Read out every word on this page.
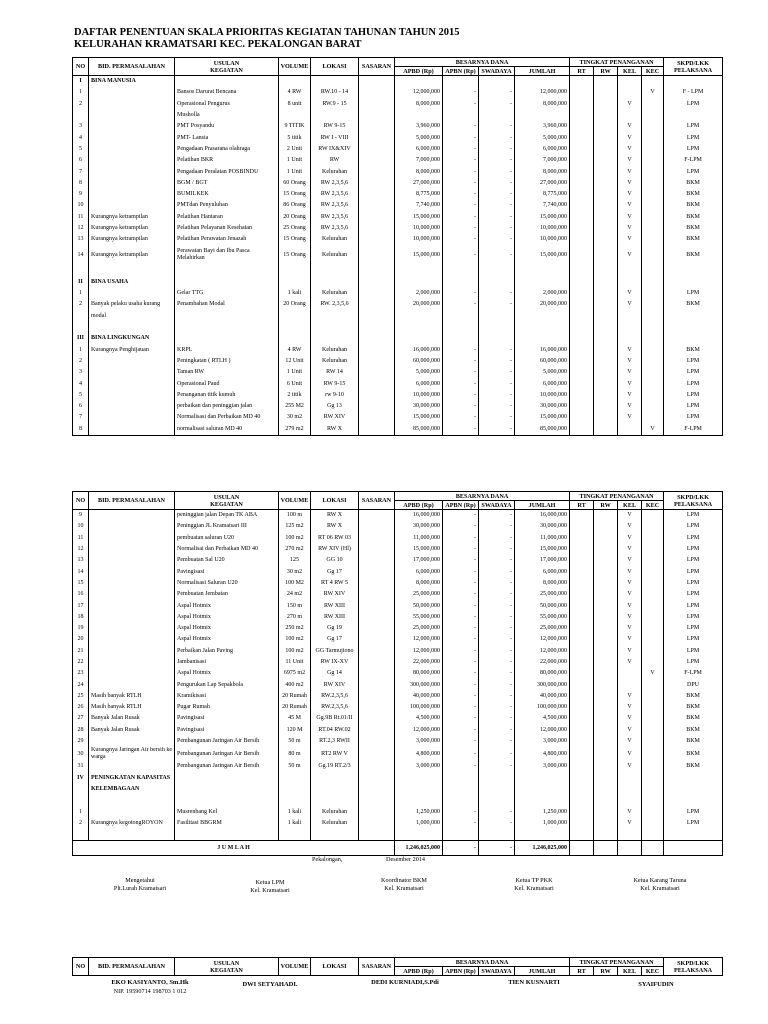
DAFTAR PENENTUAN SKALA PRIORITAS KEGIATAN TAHUNAN TAHUN 2015
KELURAHAN KRAMATSARI KEC. PEKALONGAN BARAT
NO	BID. PERMASALAHAN	USULAN
KEGIATAN	VOLUME	LOKASI	SASARAN	BESARNYA DANA				TINGKAT PENANGANAN				SKPD/LKK
PELAKSANA
						APBD (Rp)	APBN (Rp)	SWADAYA	JUMLAH	RT	RW	KEL	KEC	
I	BINA MANUSIA													
1		Bansos Darurat Bencana	4 RW	RW.10 - 14		12,000,000	-	-	12,000,000				V	F - LPM
2		Operasional Pengurus	8 unit	RW.9 - 15		8,000,000	-	-	8,000,000			V		LPM
		Musholla												
3		PMT Posyandu	9 TITIK	RW 9-15		3,960,000	-	-	3,960,000			V		LPM
4		PMT- Lansia	5 titik	RW I - VIII		5,000,000	-	-	5,000,000			V		LPM
5		Pengadaan Prasarana olahraga	2 Unit	RW IX&XIV		6,000,000	-	-	6,000,000			V		LPM
6		Pelatihan BKR	1 Unit	RW		7,000,000	-	-	7,000,000			V		F-LPM
7		Pengadaan Peralatan POSBINDU	1 Unit	Kelurahan		8,000,000	-	-	8,000,000			V		LPM
8		BGM / BGT	60 Orang	RW 2,3,5,6		27,000,000	-	-	27,000,000			V		BKM
9		BUMILKEK	15 Orang	RW 2,3,5,6		8,775,000	-	-	8,775,000			V		BKM
10		PMTdan Penyuluhan	86 Orang	RW 2,3,5,6		7,740,000	-	-	7,740,000			V		BKM
11	Kurangnya ketrampilan	Pelatihan Hantaran	20 Orang	RW 2,3,5,6		15,000,000	-	-	15,000,000			V		BKM
12	Kurangnya ketrampilan	Pelatihan Pelayanan Kesehatan	25 Orang	RW 2,3,5,6		10,000,000	-	-	10,000,000			V		BKM
13	Kurangnya ketrampilan	Pelatihan Perawatan Jenazah	15 Orang	Kelurahan		10,000,000	-	-	10,000,000			V		BKM
14	Kurangnya ketrampilan	Perawatan Bayi dan Ibu Pasca Melahirkan	15 Orang	Kelurahan		15,000,000	-	-	15,000,000			V		BKM

II	BINA USAHA													
1		Gelar TTG	1 kali	Kelurahan		2,000,000	-	-	2,000,000			V		LPM
2	Banyak pelaku usaha kurang	Penambahan Modal	20 Orang	RW. 2,3,5,6		20,000,000	-	-	20,000,000			V		BKM
	modal													

III	BINA LINGKUNGAN													
1	Kurangnya Penghijauan	KRPL	4 RW	Kelurahan		16,000,000	-	-	16,000,000			V		BKM
2		Peningkatan ( RTLH )	12 Unit	Kelurahan		60,000,000	-	-	60,000,000			V		LPM
3		Taman RW	1 Unit	RW 14		5,000,000	-	-	5,000,000			V		LPM
4		Operasional Paud	6 Unit	RW 9-15		6,000,000	-	-	6,000,000			V		LPM
5		Penanganan titik kumuh	2 titik	rw 9-10		10,000,000	-	-	10,000,000			V		LPM
6		perbaikan dan peninggian jalan	255 M2	Gg 13		30,000,000	-	-	30,000,000			V		LPM
7		Normalisasi dan Perbaikan MD 40	30 m2	RW XIV		15,000,000	-	-	15,000,000			V		LPM
8		normalisasi saluran MD 40	279 m2	RW X		85,000,000	-	-	85,000,000				V	F-LPM
NO	BID. PERMASALAHAN	USULAN
KEGIATAN	VOLUME	LOKASI	SASARAN	BESARNYA DANA				TINGKAT PENANGANAN				SKPD/LKK
PELAKSANA
						APBD (Rp)	APBN (Rp)	SWADAYA	JUMLAH	RT	RW	KEL	KEC	
9		peninggian jalan Depan TK ABA	100 m	RW X		16,000,000	-	-	16,000,000			V		LPM
10		Peninggian JL Kramatsari III	125 m2	RW X		30,000,000	-	-	30,000,000			V		LPM
11		pembuatan saluran U20	100 m2	RT 06 RW 03		11,000,000	-	-	11,000,000			V		LPM
12		Normalisai dan Perbaikan MD 40	270 m2	RW XIV (Hl)		15,000,000	-	-	15,000,000			V		LPM
13		Pembuatan Sal U20	125	GG 10		17,000,000	-	-	17,000,000			V		LPM
14		Pavingisasi	30 m2	Gg 17		6,000,000	-	-	6,000,000			V		LPM
15		Normalisasi Saluran U20	100 M2	RT 4 RW 5		8,000,000	-	-	8,000,000			V		LPM
16		Pembuatan Jembatan	24 m2	RW XIV		25,000,000	-	-	25,000,000			V		LPM
17		Aspal Hotmix	150 m	RW XIII		50,000,000	-	-	50,000,000			V		LPM
18		Aspal Hotmix	270 m	RW XIII		55,000,000	-	-	55,000,000			V		LPM
19		Aspal Hotmix	250 m2	Gg 19		25,000,000	-	-	25,000,000			V		LPM
20		Aspal Hotmix	100 m2	Gg 17		12,000,000	-	-	12,000,000			V		LPM
21		Perbaikan Jalan Paving	100 m2	GG Tarmujiono		12,000,000	-	-	12,000,000			V		LPM
22		Jambanisasi	11 Unit	RW IX-XV		22,000,000	-	-	22,000,000			V		LPM
23		Aspal Hotmix	6975 m2	Gg 14		80,000,000	-	-	80,000,000				V	F-LPM
24		Pengurukan Lap Sepakbola	400 m2	RW XIV		300,000,000	-	-	300,000,000					DPU
25	Masih banyak RTLH	Kramikisasi	20 Rumah	RW.2,3,5,6		40,000,000	-	-	40,000,000			V		BKM
26	Masih banyak RTLH	Pugar Rumah	20 Rumah	RW.2,3,5,6		100,000,000	-	-	100,000,000			V		BKM
27	Banyak Jalan Rusak	Pavingisasi	45 M	Gg.9B Rt.01/II		4,500,000	-	-	4,500,000			V		BKM
28	Banyak Jalan Rusak	Pavingisasi	120 M	RT.04 RW.02		12,000,000	-	-	12,000,000			V		BKM
29		Pembangunan Jaringan Air Bersih	50 m	RT.2,3 RWII		3,000,000	-	-	3,000,000			V		BKM
30	Kurangnya Jaringan Air bersih ke warga	Pembangunan Jaringan Air Bersih	80 m	RT2 RW V		4,800,000	-	-	4,800,000			V		BKM
31		Pembangunan Jaringan Air Bersih	50 m	Gg.19 RT.2/3		3,000,000	-	-	3,000,000			V		BKM
IV	PENINGKATAN KAPASITAS													
	KELEMBAGAAN													

1		Musrenbang Kel	1 kali	Kelurahan		1,250,000	-	-	1,250,000			V		LPM
2	Kurangnya kegotongROYON	Fasilitasi BBGRM	1 kali	Kelurahan		1,000,000	-	-	1,000,000			V		LPM

J U M L A H						1,246,025,000	-	-	1,246,025,000					
Pekalongan,	Desember 2014
Mengetahui
Plt.Lurah Kramatsari
Ketua LPM
Kel. Kramatsari
Koordinator BKM
Kel. Kramatsari
Ketua TP PKK
Kel. Kramatsari
Ketua Karang Taruna
Kel. Kramatsari
NO	BID. PERMASALAHAN	USULAN
KEGIATAN	VOLUME	LOKASI	SASARAN	BESARNYA DANA				TINGKAT PENANGANAN				SKPD/LKK
PELAKSANA
						APBD (Rp)	APBN (Rp)	SWADAYA	JUMLAH	RT	RW	KEL	KEC	
EKO KASIYANTO, Sm.Hk
NIP. 19590714 198703 1 012
DWI SETYAHADI.	DEDI KURNIADI,S.Pdi	TIEN KUSNARTI	SYAIFUDIN
